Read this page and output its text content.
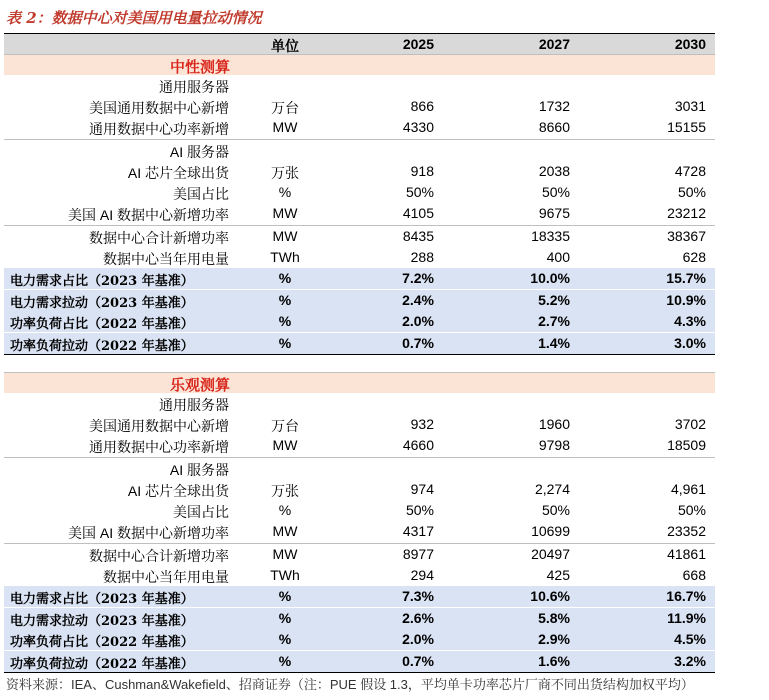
表 2：数据中心对美国用电量拉动情况
单位	2025	2027	2030
中性测算
通用服务器
美国通用数据中心新增	万台	866	1732	3031
通用数据中心功率新增	MW	4330	8660	15155
AI 服务器
AI 芯片全球出货	万张	918	2038	4728
美国占比	%	50%	50%	50%
美国 AI 数据中心新增功率	MW	4105	9675	23212
数据中心合计新增功率	MW	8435	18335	38367
数据中心当年用电量	TWh	288	400	628
电力需求占比（2023 年基准）	%	7.2%	10.0%	15.7%
电力需求拉动（2023 年基准）	%	2.4%	5.2%	10.9%
功率负荷占比（2022 年基准）	%	2.0%	2.7%	4.3%
功率负荷拉动（2022 年基准）	%	0.7%	1.4%	3.0%
乐观测算
通用服务器
美国通用数据中心新增	万台	932	1960	3702
通用数据中心功率新增	MW	4660	9798	18509
AI 服务器
AI 芯片全球出货	万张	974	2,274	4,961
美国占比	%	50%	50%	50%
美国 AI 数据中心新增功率	MW	4317	10699	23352
数据中心合计新增功率	MW	8977	20497	41861
数据中心当年用电量	TWh	294	425	668
电力需求占比（2023 年基准）	%	7.3%	10.6%	16.7%
电力需求拉动（2023 年基准）	%	2.6%	5.8%	11.9%
功率负荷占比（2022 年基准）	%	2.0%	2.9%	4.5%
功率负荷拉动（2022 年基准）	%	0.7%	1.6%	3.2%
资料来源：IEA、Cushman&Wakefield、招商证券（注：PUE 假设 1.3，平均单卡功率芯片厂商不同出货结构加权平均）
